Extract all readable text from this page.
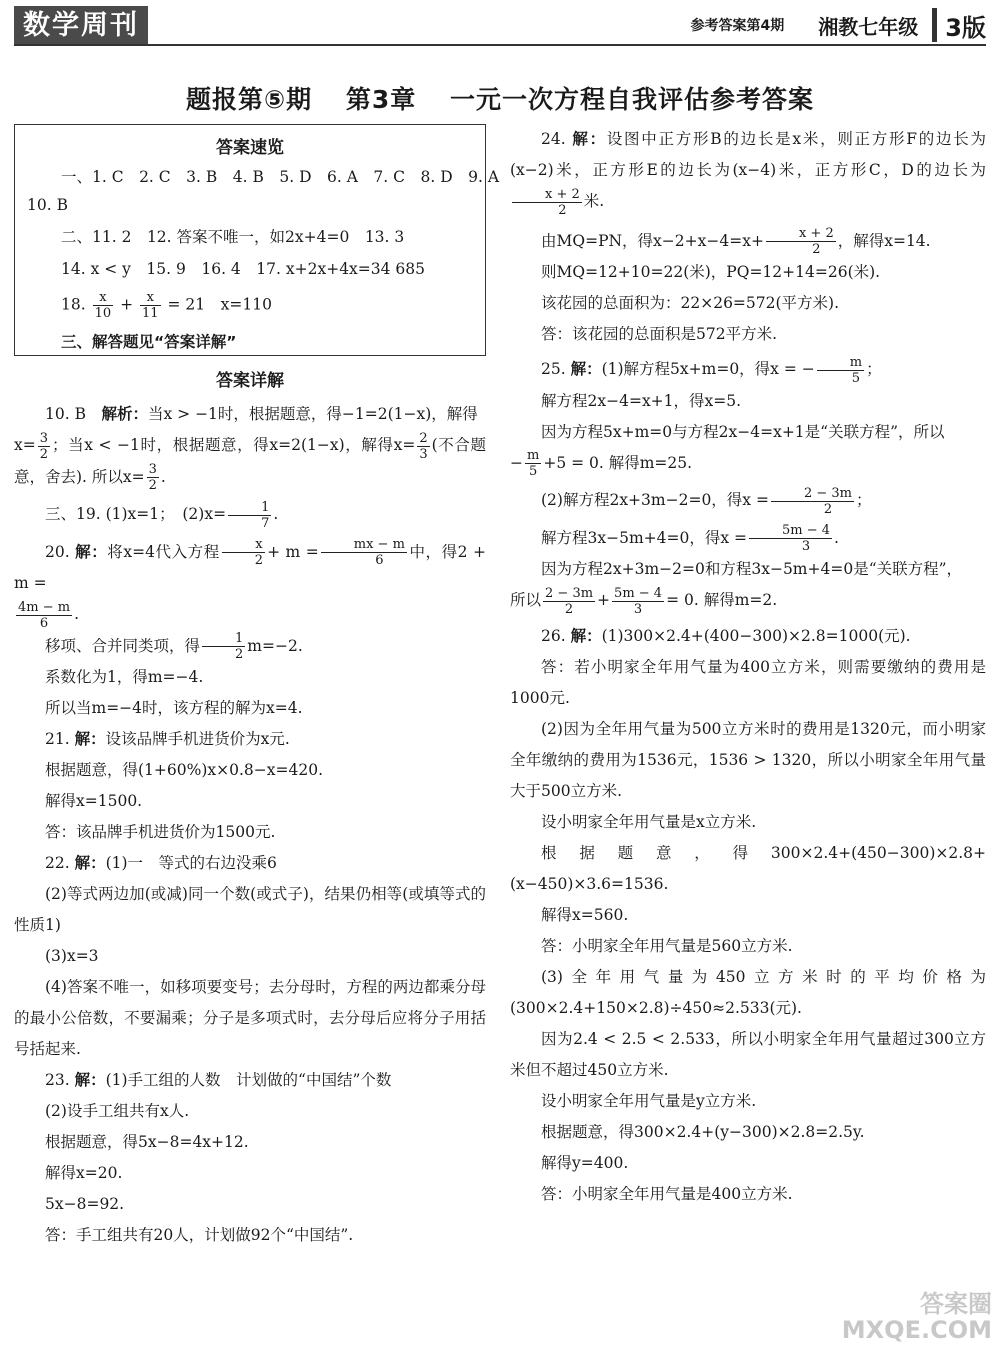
数学周刊	参考答案第4期 湘教七年级 3版
题报第⑤期 第3章 一元一次方程自我评估参考答案
答案速览

一、1. C　2. C　3. B　4. B　5. D　6. A　7. C　8. D　9. A

10. B

二、11. 2　12. 答案不唯一，如2x+4=0　13. 3

14. x < y　15. 9　16. 4　17. x+2x+4x=34 685

18. $\frac{x}{10} + \frac{x}{11} = 21$　x=110

三、解答题见“答案详解”

答案详解

10. B　解析：当x > −1时，根据题意，得−1=2(1−x)，解得

$x= \frac{3}{2}$ ；当x < −1时，根据题意，得x=2(1−x)，解得$x= \frac{2}{3}$ (不合题意，舍去). 所以$x= \frac{3}{2}$ .

三、19. (1)x=1；　$(2)x= \frac{1}{7}$ .

20. 解：将x=4代入方程 $\frac{x}{2} + m = \frac{mx - m}{6}$ 中，得2 + m =

$\frac{4m - m}{6}$ .

移项、合并同类项，得 $\frac{1}{2} m=-2$.

系数化为1，得m=−4.

所以当m=−4时，该方程的解为x=4.

21. 解：设该品牌手机进货价为x元.

根据题意，得(1+60%)x×0.8−x=420.

解得x=1500.

答：该品牌手机进货价为1500元.

22. 解：(1)一　等式的右边没乘6

(2)等式两边加(或减)同一个数(或式子)，结果仍相等(或填等式的性质1)

(3)x=3

(4)答案不唯一，如移项要变号；去分母时，方程的两边都乘分母的最小公倍数，不要漏乘；分子是多项式时，去分母后应将分子用括号括起来.

23. 解：(1)手工组的人数　计划做的“中国结”个数

(2)设手工组共有x人.

根据题意，得5x−8=4x+12.

解得x=20.

5x−8=92.

答：手工组共有20人，计划做92个“中国结”.

24. 解：设图中正方形B的边长是x米，则正方形F的边长为(x−2)米，正方形E的边长为(x−4)米，正方形C，D的边长为
$\frac{x + 2}{2}$ 米.

由MQ=PN，得$x-2+x-4=x+ \frac{x + 2}{2}$ ，解得x=14.

则MQ=12+10=22(米)，PQ=12+14=26(米).

该花园的总面积为：22×26=572(平方米).

答：该花园的总面积是572平方米.

25. 解：(1)解方程5x+m=0，得x = − $\frac{m}{5}$ ；

解方程2x−4=x+1，得x=5.

因为方程5x+m=0与方程2x−4=x+1是“关联方程”，所以

− $\frac{m}{5} +5 = 0$. 解得m=25.

(2)解方程2x+3m−2=0，得$x = \frac{2 - 3m}{2}$ ；

解方程3x−5m+4=0，得$x = \frac{5m - 4}{3}$ .

因为方程2x+3m−2=0和方程3x−5m+4=0是“关联方程”，

所以 $\frac{2 - 3m}{2} + \frac{5m - 4}{3} = 0$. 解得m=2.

26. 解：(1)300×2.4+(400−300)×2.8=1000(元).

答：若小明家全年用气量为400立方米，则需要缴纳的费用是1000元.

(2)因为全年用气量为500立方米时的费用是1320元，而小明家全年缴纳的费用为1536元，1536 > 1320，所以小明家全年用气量大于500立方米.

设小明家全年用气量是x立方米.

根据题意，得300×2.4+(450−300)×2.8+(x−450)×3.6=1536.

解得x=560.

答：小明家全年用气量是560立方米.

(3)全年用气量为450立方米时的平均价格为(300×2.4+150×2.8)÷450≈2.533(元).

因为2.4 < 2.5 < 2.533，所以小明家全年用气量超过300立方米但不超过450立方米.

设小明家全年用气量是y立方米.

根据题意，得300×2.4+(y−300)×2.8=2.5y.

解得y=400.

答：小明家全年用气量是400立方米.

答案圈
MXQE.COM
